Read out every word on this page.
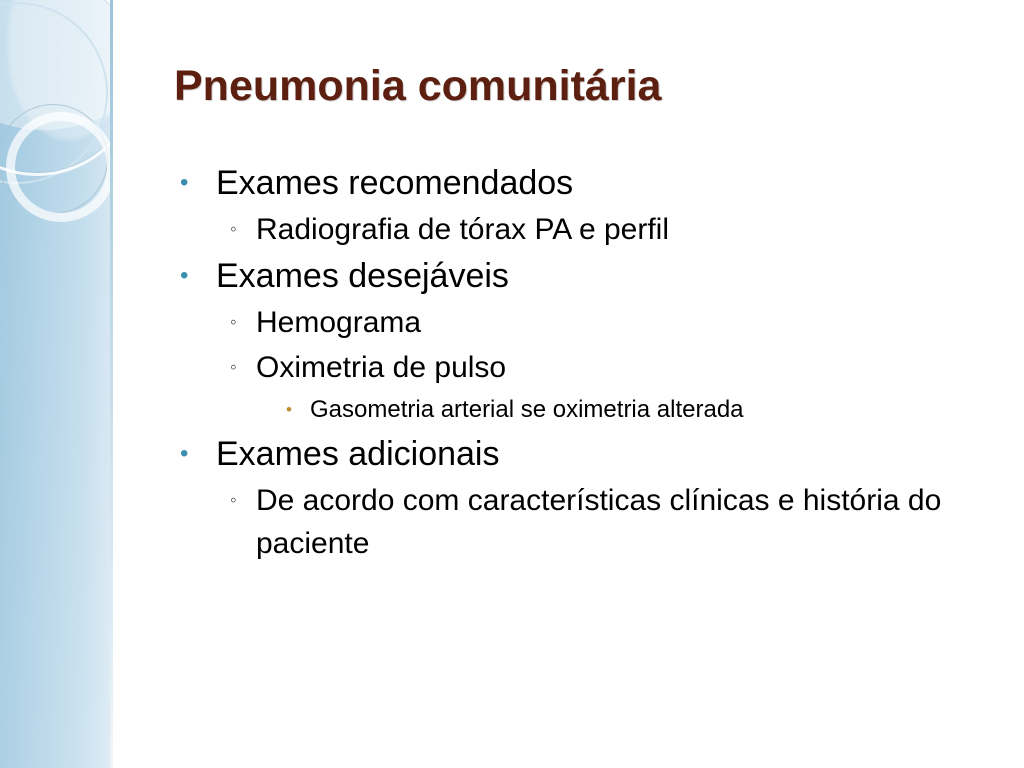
Pneumonia comunitária
• Exames recomendados
◦ Radiografia de tórax PA e perfil
• Exames desejáveis
◦ Hemograma
◦ Oximetria de pulso
• Gasometria arterial se oximetria alterada
• Exames adicionais
◦ De acordo com características clínicas e história do paciente
